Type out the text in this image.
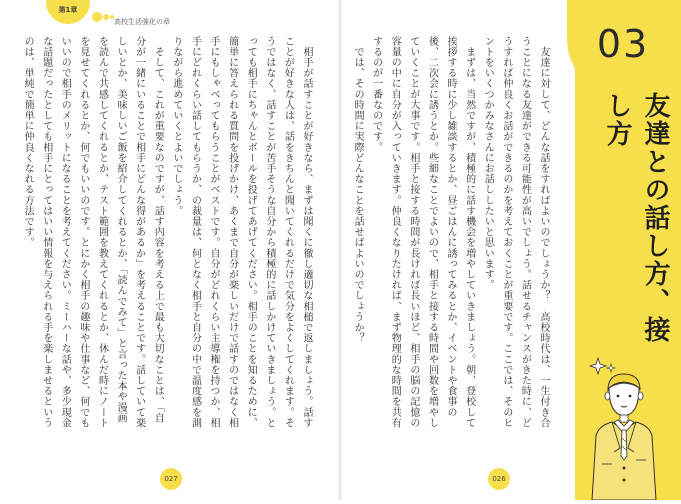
第1章
高校生活強化の章
　相手が話すことが好きなら、まずは聞くに徹し適切な相槌で返しましょう。話すことが好きな人は、話をきちんと聞いてくれるだけで気分をよくしてくれます。そうではなく、話すことが苦手そうな自分から積極的に話しかけていきましょう。とっても相手にちゃんとボールを投げてあげてください。相手のことを知るために、簡単に答えられる質問を投げかけ、あくまで自分が楽しいだけで話すのではなく相手にもしゃべってもらうことがベストです。自分がどれくらい主導権を持つか、相手にどれくらい話してもらうか、の裁量は、何となく相手と自分の中で温度感を測りながら進めていくとよいでしょう。
　そして、これが重要なのですが、話す内容を考える上で最も大切なことは、「自分が一緒にいることで相手にどんな得があるか」を考えることです。話していて楽しいとか、美味しいご飯を紹介してくれるとか、「読んでみて」と言った本や漫画を読んで共感してくれるとか、テスト範囲を教えてくれるとか、休んだ時にノートを見せてくれるとか、何でもいいのです。とにかく相手の趣味や仕事など、何でもいいので相手のメリットになることを考えてください。ミーハーな話や、多少現金な話題だったとしても相手にとってはいい情報を与えられる手を楽しませるというのは、単純で簡単に仲良くなれる方法です。
027
　友達に対して、どんな話をすればよいのでしょうか？　高校時代は、一生付き合うことになる友達ができる可能性が高いでしょう。話せるチャンスがきた時に、どうすれば仲良くお話ができるのかを考えておくことが重要です。ここでは、そのヒントをいくつかみなさんにお話ししたいと思います。
　まずは、当然ですが、積極的に話す機会を増やしていきましょう。朝、登校して挨拶する時に少し雑談するとか、昼ごはんに誘ってみるとか、イベントや食事の後、二次会に誘うとか。些細なことでよいので、相手と接する時間や回数を増やしていくことが大事です。相手と接する時間が長ければ長いほど、相手の脳の記憶の容量の中に自分が入っていきます。仲良くなりたければ、まず物理的な時間を共有するのが一番なのです。
　では、その時間に実際どんなことを話せばよいのでしょうか？
026
03
友達との話し方、接し方
